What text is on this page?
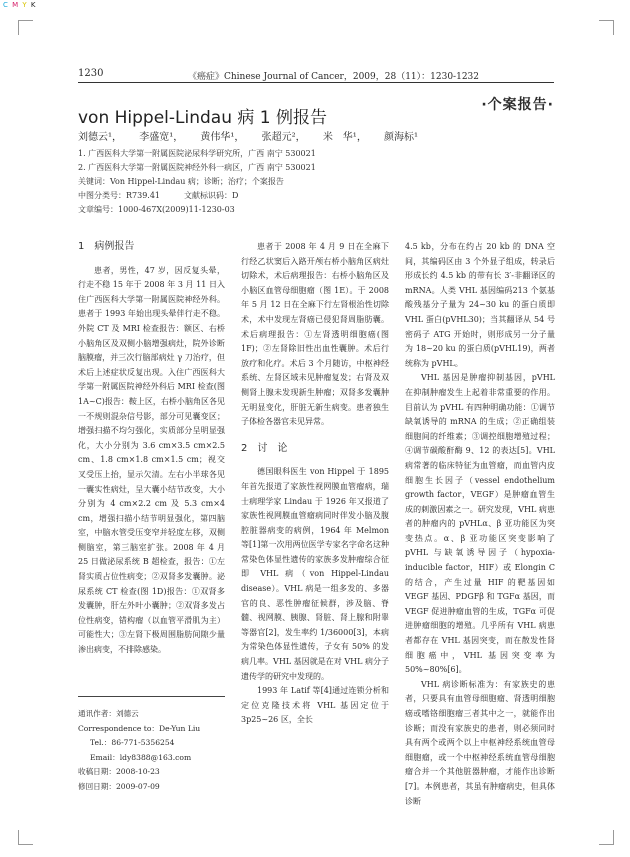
C M Y K
1230	《癌症》Chinese Journal of Cancer，2009，28（11）：1230-1232
von Hippel-Lindau 病 1 例报告
·个案报告·
刘德云¹， 李盛宽¹， 黄伟华¹， 张超元²， 米　华¹， 颜海标¹
1. 广西医科大学第一附属医院泌尿科学研究所，广西 南宁 530021
2. 广西医科大学第一附属医院神经外科一病区，广西 南宁 530021
关键词：Von Hippel-Lindau 病；诊断；治疗；个案报告
中图分类号：R739.41　　　文献标识码：D
文章编号：1000-467X(2009)11-1230-03
1 病例报告

患者，男性，47 岁，因反复头晕，行走不稳 15 年于 2008 年 3 月 11 日入住广西医科大学第一附属医院神经外科。患者于 1993 年始出现头晕伴行走不稳。外院 CT 及 MRI 检查报告：额区、右桥小脑角区及双侧小脑增强病灶，院外诊断脑膜瘤，并三次行脑部病灶 γ 刀治疗，但术后上述症状反复出现。入住广西医科大学第一附属医院神经外科后 MRI 检查(图 1A~C)报告：鞍上区，右桥小脑角区各见一不规则混杂信号影，部分可见囊变区；增强扫描不均匀强化，实质部分呈明显强化，大小分别为 3.6 cm×3.5 cm×2.5 cm、1.8 cm×1.8 cm×1.5 cm；视交叉受压上抬，显示欠清。左右小半球各见一囊实性病灶，呈大囊小结节改变，大小分别为 4 cm×2.2 cm 及 5.3 cm×4 cm，增强扫描小结节明显强化，第四脑室，中脑水管受压变窄并轻度左移，双侧侧脑室，第三脑室扩张。2008 年 4 月 25 日做泌尿系统 B 超检查，报告：①左肾实质占位性病变；②双肾多发囊肿。泌尿系统 CT 检查(图 1D)报告：①双肾多发囊肿，肝左外叶小囊肿；②双肾多发占位性病变，错构瘤（以血管平滑肌为主）可能性大；③左肾下极周围脂肪间隙少量渗出病变，不排除感染。

患者于 2008 年 4 月 9 日在全麻下行经乙状窦后入路开颅右桥小脑角区病灶切除术，术后病理报告：右桥小脑角区及小脑区血管母细胞瘤（图 1E）。于 2008 年 5 月 12 日在全麻下行左肾根治性切除术，术中发现左肾癌已侵犯肾周脂肪囊。术后病理报告：①左肾透明细胞癌(图 1F)；②左肾除旧性出血性囊肿。术后行放疗和化疗。术后 3 个月随访，中枢神经系统、左肾区域未见肿瘤复发；右肾及双侧肾上腺未发现新生肿瘤；双肾多发囊肿无明显变化，肝脏无新生病变。患者独生子体检各器官未见异常。

2 讨　论

德国眼科医生 von Hippel 于 1895 年首先报道了家族性视网膜血管瘤病，瑞士病理学家 Lindau 于 1926 年又报道了家族性视网膜血管瘤病同时伴发小脑及腹腔脏器病变的病例，1964 年 Melmon 等[1]第一次用两位医学专家名字命名这种常染色体显性遗传的家族多发肿瘤综合征即 VHL 病（von Hippel-Lindau disease）。VHL 病是一组多发的、多器官的良、恶性肿瘤征候群，涉及脑、脊髓、视网膜、胰腺、肾脏、肾上腺和附睾等器官[2]，发生率约 1/36000[3]，本病为常染色体显性遗传，子女有 50% 的发病几率。VHL 基因就是在对 VHL 病分子遗传学的研究中发现的。

1993 年 Latif 等[4]通过连锁分析和定位克隆技术将 VHL 基因定位于 3p25~26 区，全长

4.5 kb，分布在约占 20 kb 的 DNA 空间，其编码区由 3 个外显子组成，转录后形成长约 4.5 kb 的带有长 3′-非翻译区的 mRNA。人类 VHL 基因编码213 个氨基酸残基分子量为 24~30 ku 的蛋白质即 VHL 蛋白(pVHL30)；当其翻译从 54 号密码子 ATG 开始时，则形成另一分子量为 18~20 ku 的蛋白质(pVHL19)，两者统称为 pVHL。

VHL 基因是肿瘤抑制基因，pVHL 在抑制肿瘤发生上起着非常重要的作用。目前认为 pVHL 有四种明确功能：①调节缺氧诱导的 mRNA 的生成；②正确组装细胞间的纤维素；③调控细胞增殖过程；④调节碳酸酐酶 9、12 的表达[5]。VHL 病常著的临床特征为血管瘤，而血管内皮细胞生长因子（vessel endothelium growth factor，VEGF）是肿瘤血管生成的刺激因素之一。研究发现，VHL 病患者的肿瘤内的 pVHLα、β 亚功能区为突变热点。α、β 亚功能区突变影响了 pVHL 与缺氧诱导因子（hypoxia-inducible factor，HIF）或 Elongin C 的结合，产生过量 HIF 的靶基因如 VEGF 基因、PDGFβ 和 TGFα 基因，而 VEGF 促进肿瘤血管的生成，TGFα 可促进肿瘤细胞的增殖。几乎所有 VHL 病患者都存在 VHL 基因突变，而在散发性肾细胞癌中，VHL 基因突变率为 50%~80%[6]。

VHL 病诊断标准为：有家族史的患者，只要具有血管母细胞瘤、肾透明细胞癌或嗜铬细胞瘤三者其中之一，就能作出诊断；而没有家族史的患者，则必须同时具有两个或两个以上中枢神经系统血管母细胞瘤，或一个中枢神经系统血管母细胞瘤合并一个其他脏器肿瘤，才能作出诊断[7]。本例患者，其虽有肿瘤病史，但具体诊断

通讯作者：刘德云
Correspondence to：De-Yun Liu
Tel.：86-771-5356254
Email：ldy8388@163.com
收稿日期：2008-10-23
修回日期：2009-07-09
